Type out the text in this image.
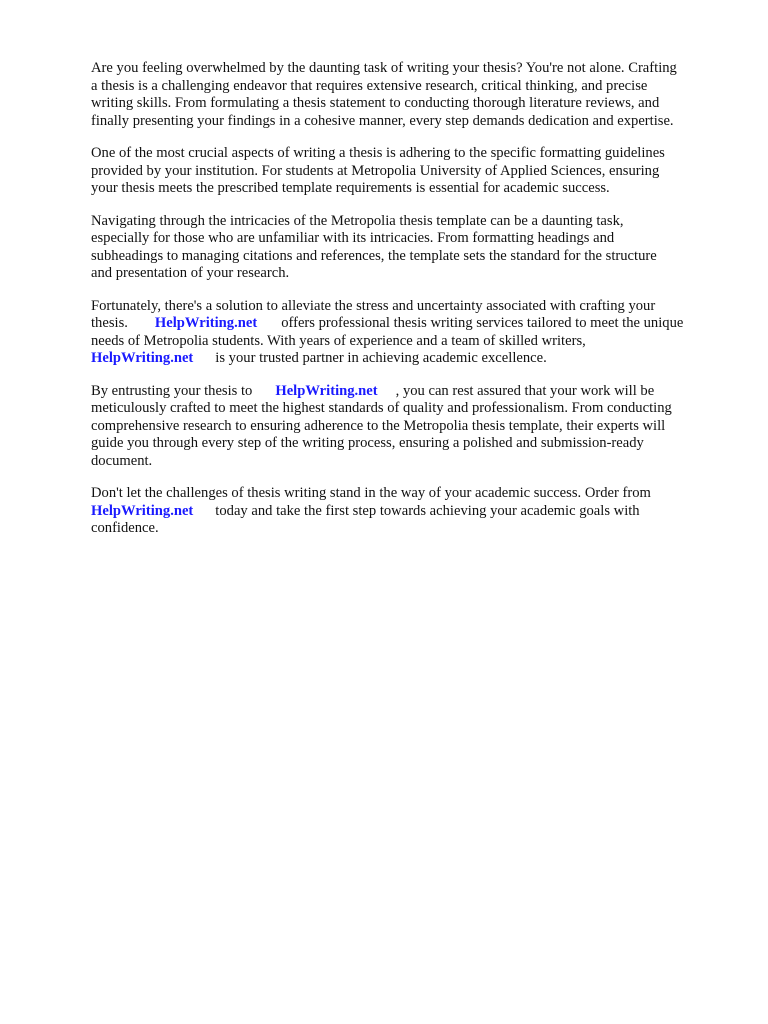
Are you feeling overwhelmed by the daunting task of writing your thesis? You're not alone. Crafting
a thesis is a challenging endeavor that requires extensive research, critical thinking, and precise
writing skills. From formulating a thesis statement to conducting thorough literature reviews, and
finally presenting your findings in a cohesive manner, every step demands dedication and expertise.

One of the most crucial aspects of writing a thesis is adhering to the specific formatting guidelines
provided by your institution. For students at Metropolia University of Applied Sciences, ensuring
your thesis meets the prescribed template requirements is essential for academic success.

Navigating through the intricacies of the Metropolia thesis template can be a daunting task,
especially for those who are unfamiliar with its intricacies. From formatting headings and
subheadings to managing citations and references, the template sets the standard for the structure
and presentation of your research.

Fortunately, there's a solution to alleviate the stress and uncertainty associated with crafting your
thesis. HelpWriting.net offers professional thesis writing services tailored to meet the unique
needs of Metropolia students. With years of experience and a team of skilled writers,
HelpWriting.net is your trusted partner in achieving academic excellence.

By entrusting your thesis to HelpWriting.net , you can rest assured that your work will be
meticulously crafted to meet the highest standards of quality and professionalism. From conducting
comprehensive research to ensuring adherence to the Metropolia thesis template, their experts will
guide you through every step of the writing process, ensuring a polished and submission-ready
document.

Don't let the challenges of thesis writing stand in the way of your academic success. Order from
HelpWriting.net today and take the first step towards achieving your academic goals with
confidence.
